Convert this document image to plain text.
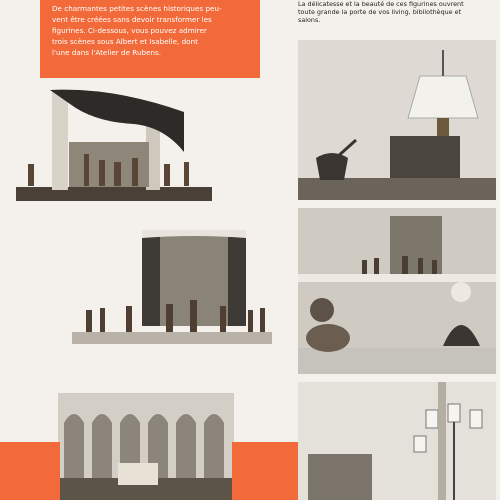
De charmantes petites scènes historiques peu-
vent être créées sans devoir transformer les
figurines. Ci-dessous, vous pouvez admirer
trois scènes sous Albert et Isabelle, dont
l'une dans l'Atelier de Rubens.

La délicatesse et la beauté de ces figurines ouvrent
toute grande la porte de vos living, bibliothèque et
salons.
